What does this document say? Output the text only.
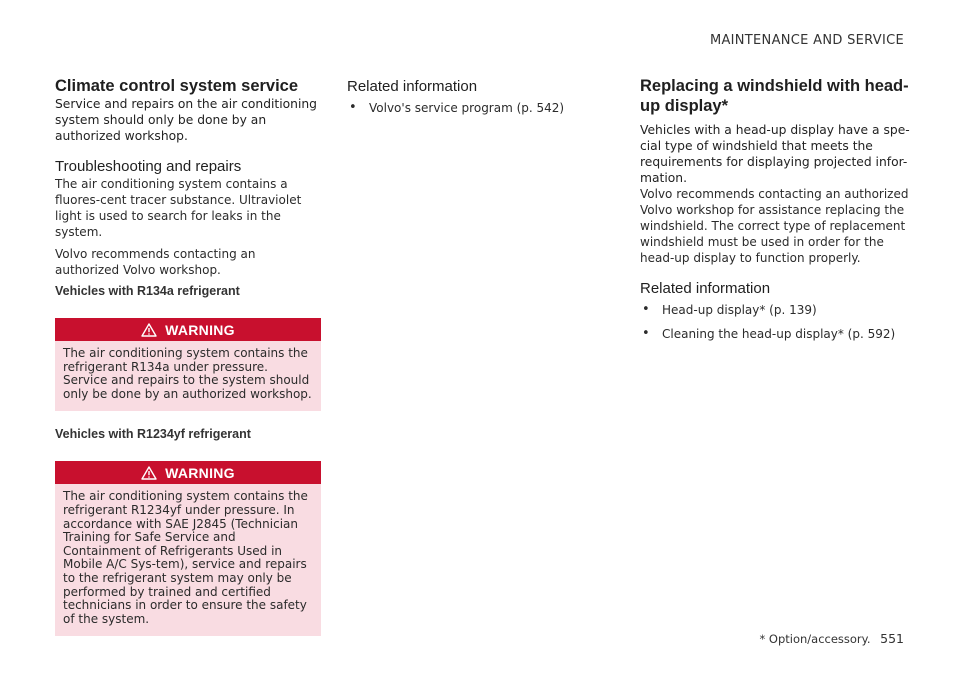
MAINTENANCE AND SERVICE
Climate control system service

Service and repairs on the air conditioning system should only be done by an authorized workshop.

Troubleshooting and repairs

The air conditioning system contains a fluores-cent tracer substance. Ultraviolet light is used to search for leaks in the system.

Volvo recommends contacting an authorized Volvo workshop.

Vehicles with R134a refrigerant
WARNING
The air conditioning system contains the refrigerant R134a under pressure. Service and repairs to the system should only be done by an authorized workshop.
Vehicles with R1234yf refrigerant
WARNING
The air conditioning system contains the refrigerant R1234yf under pressure. In accordance with SAE J2845 (Technician Training for Safe Service and Containment of Refrigerants Used in Mobile A/C Sys-tem), service and repairs to the refrigerant system may only be performed by trained and certified technicians in order to ensure the safety of the system.
Related information
• Volvo's service program (p. 542)
Replacing a windshield with head-up display*

Vehicles with a head-up display have a spe-cial type of windshield that meets the requirements for displaying projected infor-mation.

Volvo recommends contacting an authorized Volvo workshop for assistance replacing the windshield. The correct type of replacement windshield must be used in order for the head-up display to function properly.

Related information
• Head-up display* (p. 139)
• Cleaning the head-up display* (p. 592)
* Option/accessory. 551
